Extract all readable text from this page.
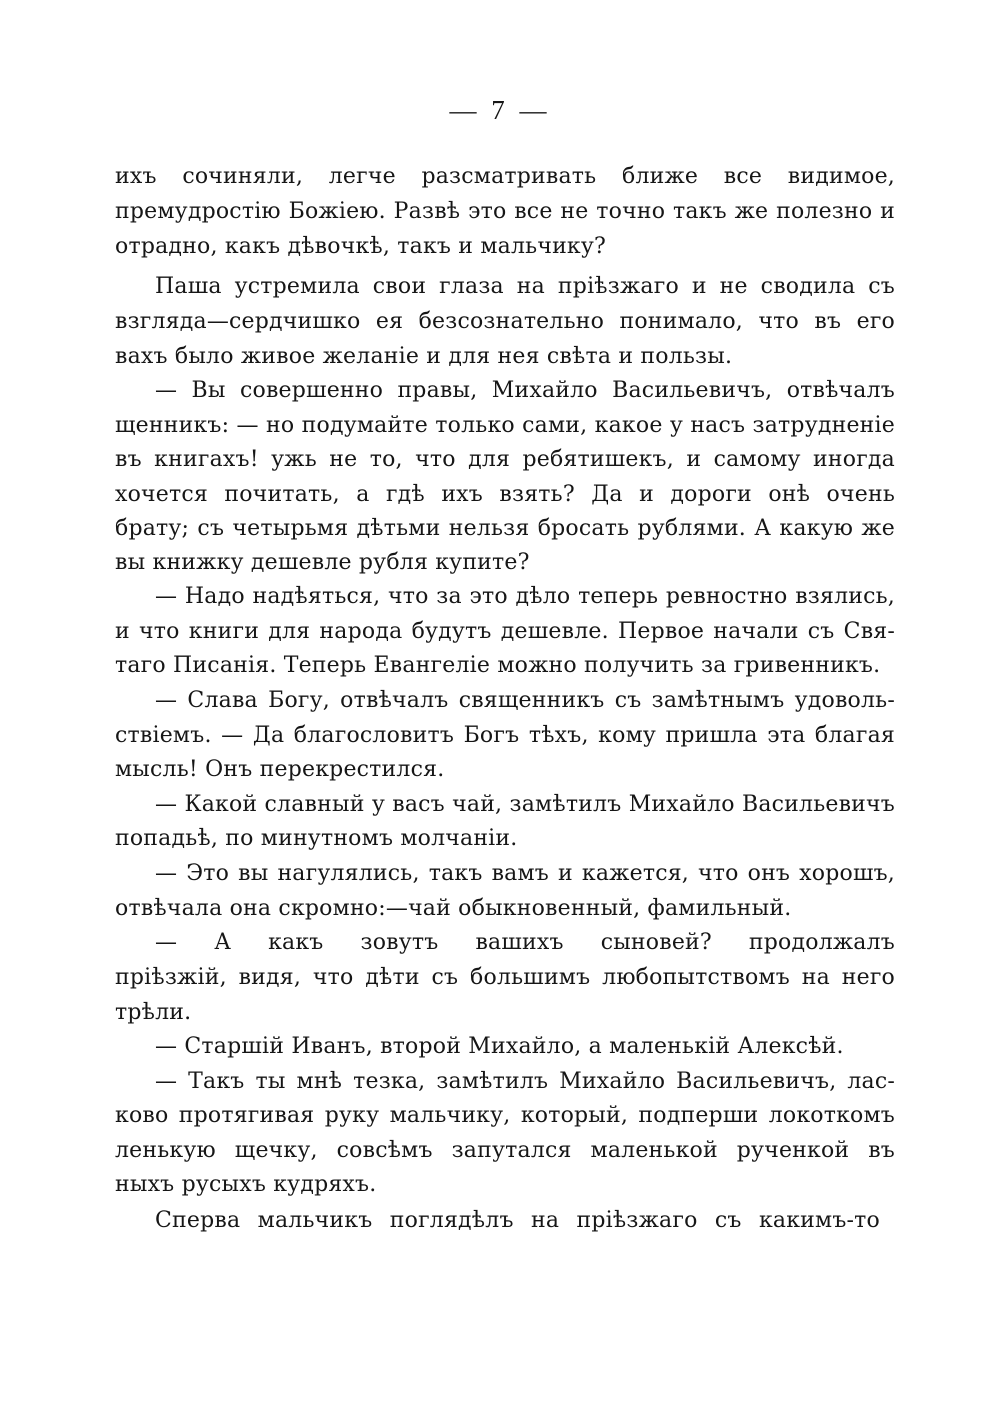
— 7 —
ихъ сочиняли, легче разсматривать ближе все видимое,
премудростію Божіею. Развѣ это все не точно такъ же полезно и
отрадно, какъ дѣвочкѣ, такъ и мальчику?
Паша устремила свои глаза на пріѣзжаго и не сводила съ
взгляда—сердчишко ея безсознательно понимало, что въ его
вахъ было живое желаніе и для нея свѣта и пользы.
— Вы совершенно правы, Михайло Васильевичъ, отвѣчалъ
щенникъ: — но подумайте только сами, какое у насъ затрудненіе
въ книгахъ! ужь не то, что для ребятишекъ, и самому иногда
хочется почитать, а гдѣ ихъ взять? Да и дороги онѣ очень
брату; съ четырьмя дѣтьми нельзя бросать рублями. А какую же
вы книжку дешевле рубля купите?
— Надо надѣяться, что за это дѣло теперь ревностно взялись,
и что книги для народа будутъ дешевле. Первое начали съ Свя-
таго Писанія. Теперь Евангеліе можно получить за гривенникъ.
— Слава Богу, отвѣчалъ священникъ съ замѣтнымъ удоволь-
ствіемъ. — Да благословитъ Богъ тѣхъ, кому пришла эта благая
мысль! Онъ перекрестился.
— Какой славный у васъ чай, замѣтилъ Михайло Васильевичъ
попадьѣ, по минутномъ молчаніи.
— Это вы нагулялись, такъ вамъ и кажется, что онъ хорошъ,
отвѣчала она скромно:—чай обыкновенный, фамильный.
— А какъ зовутъ вашихъ сыновей? продолжалъ
пріѣзжій, видя, что дѣти съ большимъ любопытствомъ на него
трѣли.
— Старшій Иванъ, второй Михайло, а маленькій Алексѣй.
— Такъ ты мнѣ тезка, замѣтилъ Михайло Васильевичъ, лас-
ково протягивая руку мальчику, который, подперши локоткомъ
ленькую щечку, совсѣмъ запутался маленькой рученкой въ
ныхъ русыхъ кудряхъ.
Сперва мальчикъ поглядѣлъ на пріѣзжаго съ какимъ-то
